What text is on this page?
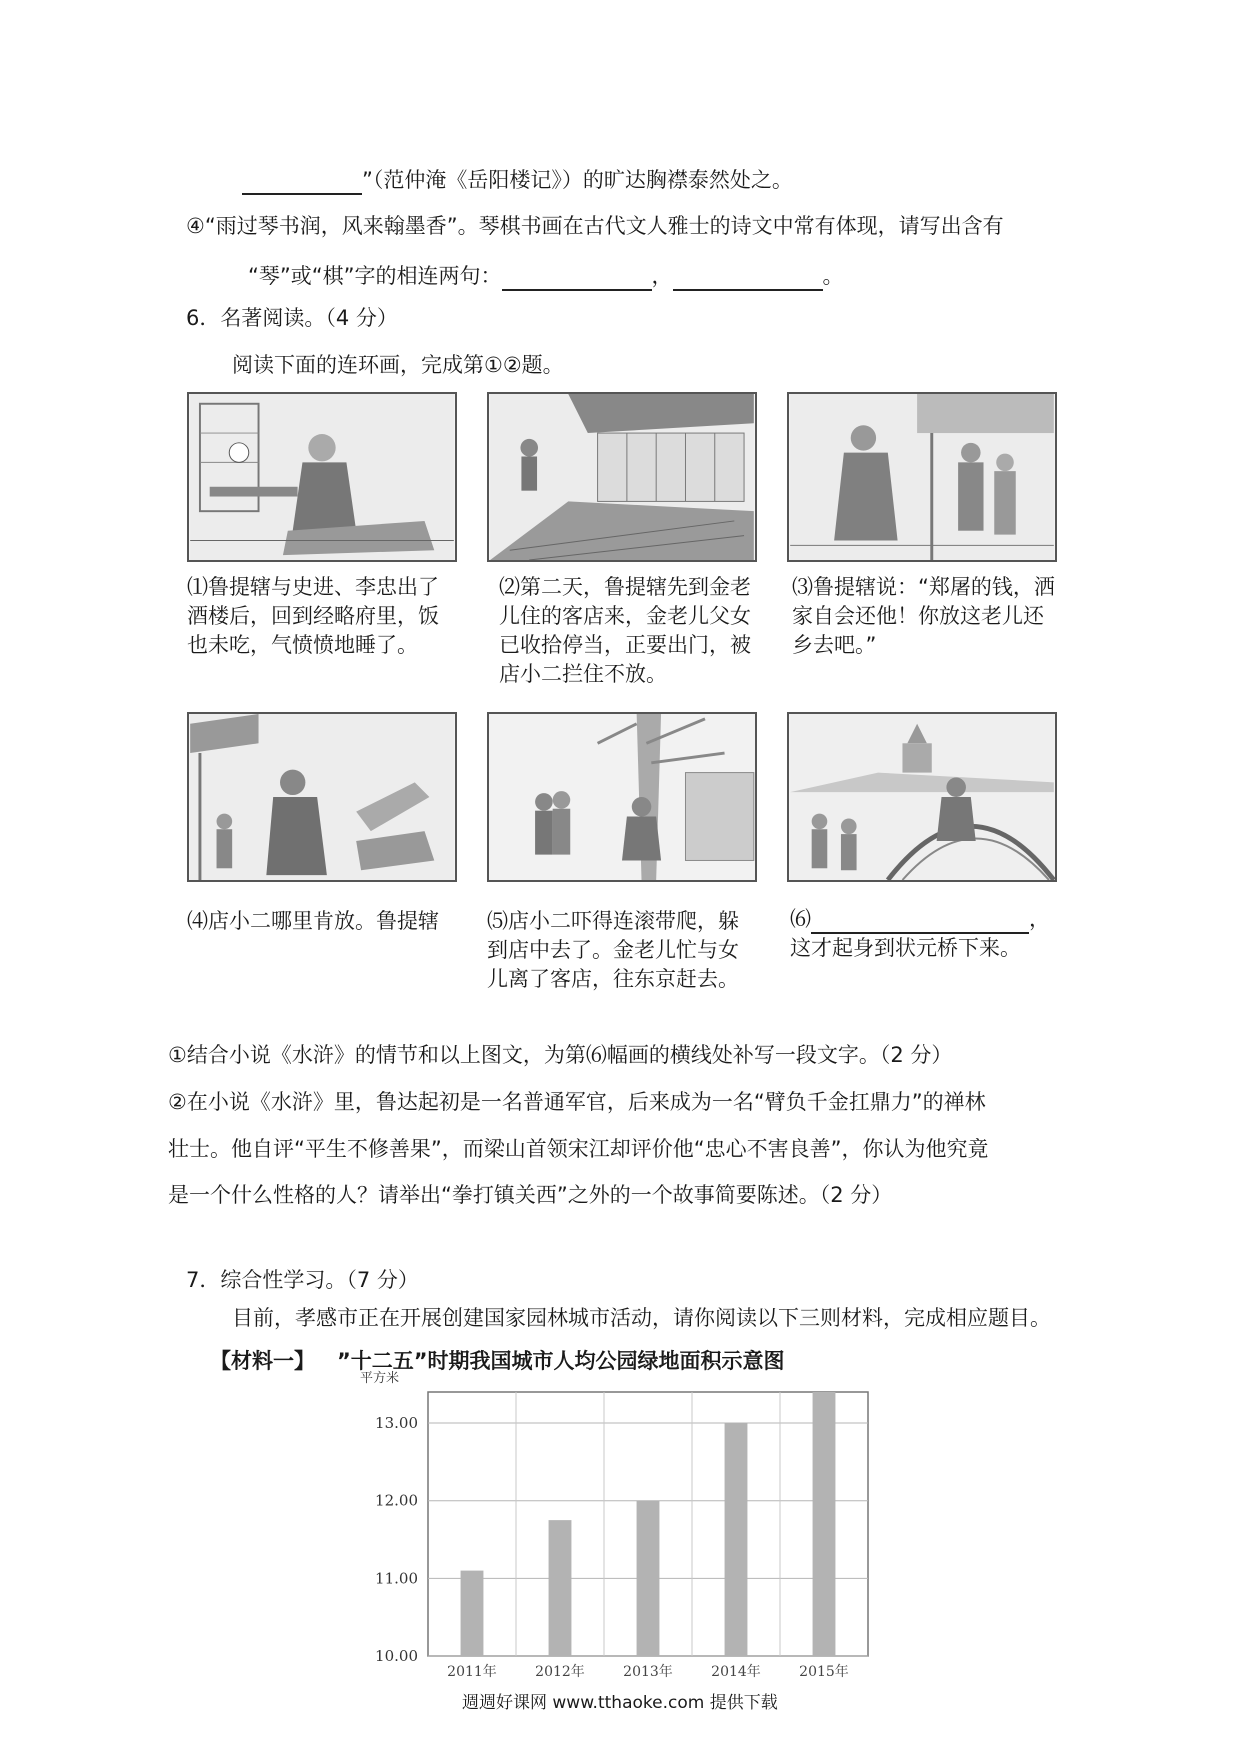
”（范仲淹《岳阳楼记》）的旷达胸襟泰然处之。
④“雨过琴书润，风来翰墨香”。琴棋书画在古代文人雅士的诗文中常有体现，请写出含有
“琴”或“棋”字的相连两句：	，	。
6．名著阅读。（4 分）
阅读下面的连环画，完成第①②题。
⑴鲁提辖与史进、李忠出了酒楼后，回到经略府里，饭也未吃，气愤愤地睡了。
⑵第二天，鲁提辖先到金老儿住的客店来，金老儿父女已收拾停当，正要出门，被店小二拦住不放。
⑶鲁提辖说：“郑屠的钱，洒家自会还他！你放这老儿还乡去吧。”
⑷店小二哪里肯放。鲁提辖	⑸店小二吓得连滚带爬，躲到店中去了。金老儿忙与女儿离了客店，往东京赶去。
⑹	，
这才起身到状元桥下来。
①结合小说《水浒》的情节和以上图文，为第⑹幅画的横线处补写一段文字。（2 分）
②在小说《水浒》里，鲁达起初是一名普通军官，后来成为一名“臂负千金扛鼎力”的禅林
壮士。他自评“平生不修善果”，而梁山首领宋江却评价他“忠心不害良善”，你认为他究竟
是一个什么性格的人？请举出“拳打镇关西”之外的一个故事简要陈述。（2 分）
7．综合性学习。（7 分）
目前，孝感市正在开展创建国家园林城市活动，请你阅读以下三则材料，完成相应题目。
【材料一】 ”十二五”时期我国城市人均公园绿地面积示意图
平方米
10.00
11.00
12.00
13.00
2011年	2012年	2013年	2014年	2015年
週週好课网 www.tthaoke.com 提供下载
